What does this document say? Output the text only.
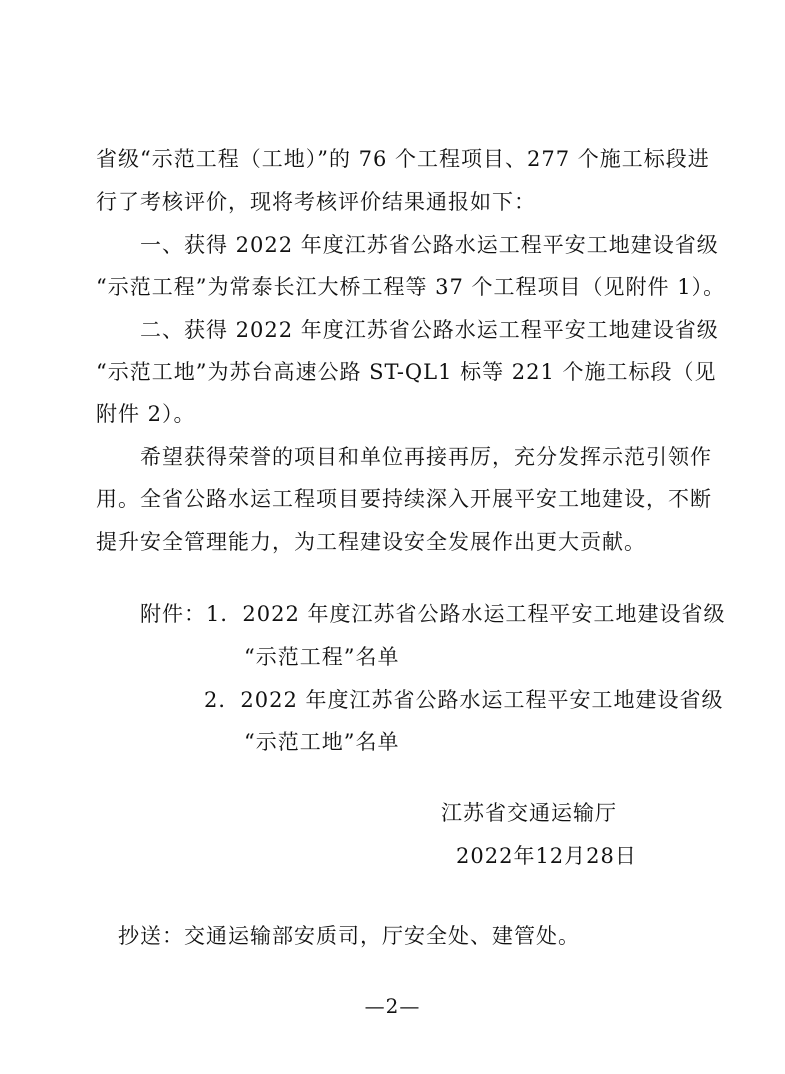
省级“示范工程（工地）”的 76 个工程项目、277 个施工标段进
行了考核评价，现将考核评价结果通报如下：
一、获得 2022 年度江苏省公路水运工程平安工地建设省级
“示范工程”为常泰长江大桥工程等 37 个工程项目（见附件 1）。
二、获得 2022 年度江苏省公路水运工程平安工地建设省级
“示范工地”为苏台高速公路 ST-QL1 标等 221 个施工标段（见
附件 2）。
希望获得荣誉的项目和单位再接再厉，充分发挥示范引领作
用。全省公路水运工程项目要持续深入开展平安工地建设，不断
提升安全管理能力，为工程建设安全发展作出更大贡献。
附件：1．2022 年度江苏省公路水运工程平安工地建设省级
“示范工程”名单
2．2022 年度江苏省公路水运工程平安工地建设省级
“示范工地”名单
江苏省交通运输厅
2022年12月28日
抄送：交通运输部安质司，厅安全处、建管处。
—2—
